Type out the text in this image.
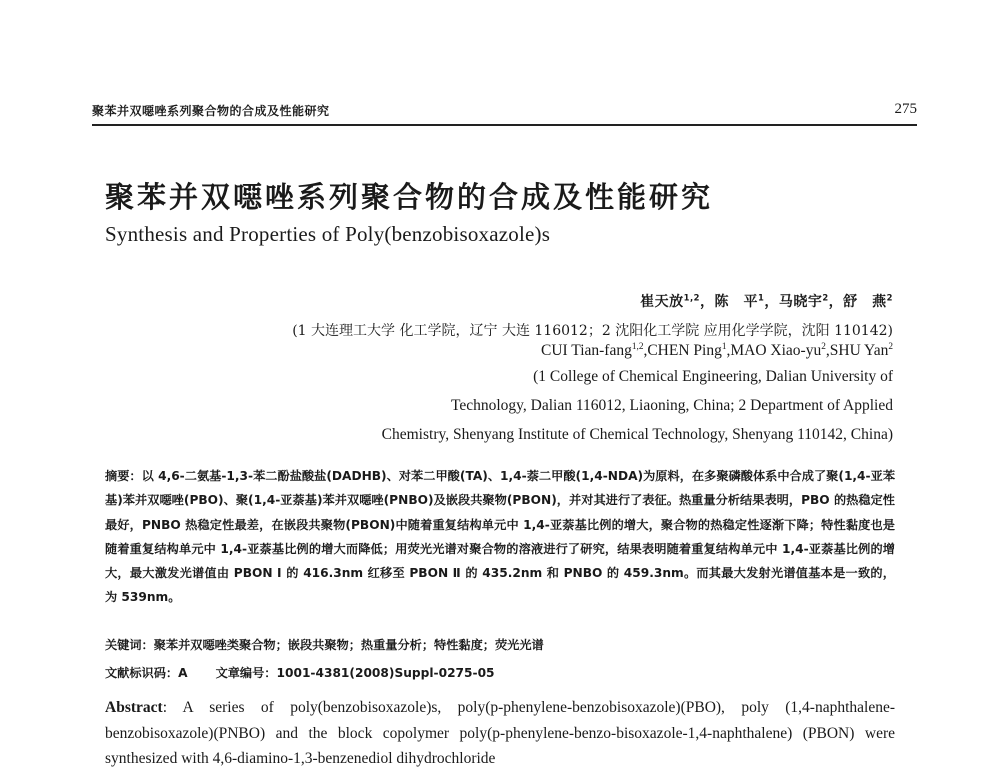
聚苯并双噁唑系列聚合物的合成及性能研究	275
聚苯并双噁唑系列聚合物的合成及性能研究
Synthesis and Properties of Poly(benzobisoxazole)s
崔天放$^{1,2}$，陈　平$^1$，马晓宇$^2$，舒　燕$^2$
(1 大连理工大学 化工学院，辽宁 大连 116012；2 沈阳化工学院 应用化学学院，沈阳 110142)
CUI Tian-fang$^{1,2}$,CHEN Ping$^1$,MAO Xiao-$yu^2,SHU$ Yan$^2$
(1 College of Chemical Engineering, Dalian University of
Technology, Dalian 116012, Liaoning, China; 2 Department of Applied
Chemistry, Shenyang Institute of Chemical Technology, Shenyang 110142, China)

摘要：以 4,6-二氨基-1,3-苯二酚盐酸盐(DADHB)、对苯二甲酸(TA)、1,4-萘二甲酸(1,4-NDA)为原料，在多聚磷酸体系中合成了聚(1,4-亚苯基)苯并双噁唑(PBO)、聚(1,4-亚萘基)苯并双噁唑(PNBO)及嵌段共聚物(PBON)，并对其进行了表征。热重量分析结果表明，PBO 的热稳定性最好，PNBO 热稳定性最差，在嵌段共聚物(PBON)中随着重复结构单元中 1,4-亚萘基比例的增大，聚合物的热稳定性逐渐下降；特性黏度也是随着重复结构单元中 1,4-亚萘基比例的增大而降低；用荧光光谱对聚合物的溶液进行了研究，结果表明随着重复结构单元中 1,4-亚萘基比例的增大，最大激发光谱值由 PBON Ⅰ 的 416.3nm 红移至 PBON Ⅱ 的 435.2nm 和 PNBO 的 459.3nm。而其最大发射光谱值基本是一致的，为 539nm。

关键词：聚苯并双噁唑类聚合物；嵌段共聚物；热重量分析；特性黏度；荧光光谱
文献标识码：A 文章编号：1001-4381(2008)Suppl-0275-05

Abstract: A series of poly(benzobisoxazole)s, poly(p-phenylene-benzobisoxazole)(PBO), poly (1,4-naphthalene-benzobisoxazole)(PNBO) and the block copolymer poly(p-phenylene-benzo-bisoxazole-1,4-naphthalene) (PBON) were synthesized with 4,6-diamino-1,3-benzenediol dihydrochloride
